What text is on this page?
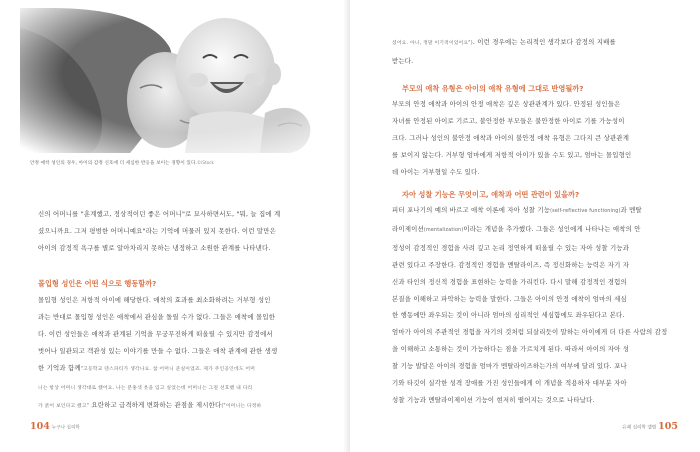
안정 애착 성인의 경우, 아이의 감정 신호에 더 세심한 반응을 보이는 경향이 있다.©iStock
신의 어머니를 "훈계했고, 정상적이던 좋은 어머니"로 묘사하면서도, "뭐, 늘 집에 계
셨으니까요. 그저 평범한 어머니예요"라는 기억에 머물러 있지 못한다. 이런 말만은
아이의 감정적 욕구를 별로 알아차리지 못하는 냉정하고 소원한 관계를 나타낸다.
몰입형 성인은 어떤 식으로 행동할까?
몰입형 성인은 저항적 아이에 해당한다. 애착의 효과를 최소화하려는 거부형 성인
과는 반대로 몰입형 성인은 애착에서 관심을 돌릴 수가 없다. 그들은 애착에 몰입한
다. 이런 성인들은 애착과 관계된 기억을 무궁무진하게 떠올릴 수 있지만 감정에서
벗어나 일관되고 객관성 있는 이야기를 만들 수 없다. 그들은 애착 관계에 관한 생생
한 기억과 함께"고등학교 댄스파티가 생각나요. 참 어머니 준실이었죠. 제가 주인공인데도 어머
니는 항상 어머니 생각대로 했어요. 나는 분홍색 옷을 입고 싶었는데 어머니는 그걸 선호했 내 다리
가 굵어 보인다고 했고" 요란하고 급격하게 변화하는 관점을 제시한다("어머니는 다정하
104 누구나 심리학
셨어요. 아니, 정말 이기적이었어요"). 이런 경우에는 논리적인 생각보다 감정의 지배를
받는다.
부모의 애착 유형은 아이의 애착 유형에 그대로 반영될까?
부모의 안정 애착과 아이의 안정 애착은 깊은 상관관계가 있다. 안정된 성인들은
자녀를 안정된 아이로 기르고, 불안정한 부모들은 불안정한 아이로 기를 가능성이
크다. 그러나 성인의 불안정 애착과 아이의 불안정 애착 유형은 그다지 큰 상관관계
를 보이지 않는다. 거부형 엄마에게 저항적 아이가 있을 수도 있고, 엄마는 몰입형인
데 아이는 거부형일 수도 있다.
자아 성찰 기능은 무엇이고, 애착과 어떤 관련이 있을까?
피터 포나기의 예의 바르고 애착 이론에 자아 성찰 기능(self-reflective functioning)과 멘탈
라이제이션(mentalization)이라는 개념을 추가했다. 그들은 성인에게 나타나는 애착의 안
정성이 감정적인 경험을 사려 깊고 논리 정연하게 떠올릴 수 있는 자아 성찰 기능과
관련 있다고 주장한다. 감정적인 경험을 멘탈라이즈, 즉 정신화하는 능력은 자기 자
신과 타인의 정신적 경험을 표현하는 능력을 가리킨다. 다시 말해 감정적인 경험의
본질을 이해하고 파악하는 능력을 말한다. 그들은 아이의 안정 애착이 엄마의 세심
한 행동에만 좌우되는 것이 아니라 엄마의 심리적인 세심함에도 좌우된다고 본다.
엄마가 아이의 주관적인 경험을 자기의 것처럼 되살리듯이 말하는 아이에게 더 다른 사람의 감정
을 이해하고 소통하는 것이 가능하다는 점을 가르치게 된다. 따라서 아이의 자아 성
찰 기능 발달은 아이의 경험을 엄마가 멘탈라이즈하는가의 여부에 달려 있다. 포나
기와 타깃이 실각한 성격 장애를 가진 성인들에게 이 개념을 적용하자 대부분 자아
성찰 기능과 멘탈라이제이션 기능이 현저히 떨어지는 것으로 나타났다.
유쾌 심리학 앨범 105
